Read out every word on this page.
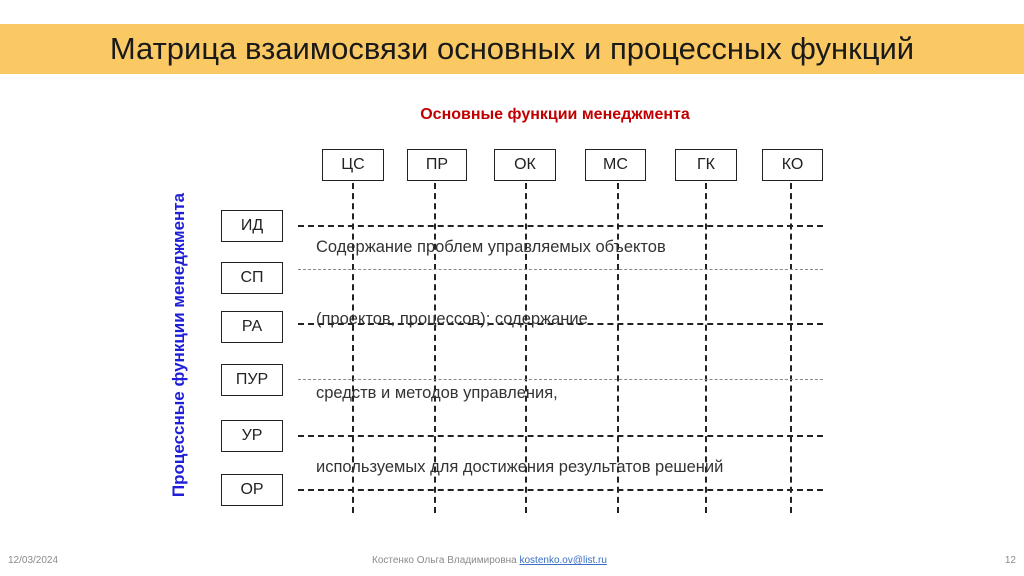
Матрица взаимосвязи основных и процессных функций
Основные функции менеджмента
Процессные функции менеджмента
ЦС	ПР	ОК	МС	ГК	КО
ИД
СП
РА
ПУР
УР
ОР
Содержание проблем управляемых объектов
(проектов, процессов); содержание
средств и методов управления,
используемых для достижения результатов решений
12/03/2024	Костенко Ольга Владимировна kostenko.ov@list.ru	12
